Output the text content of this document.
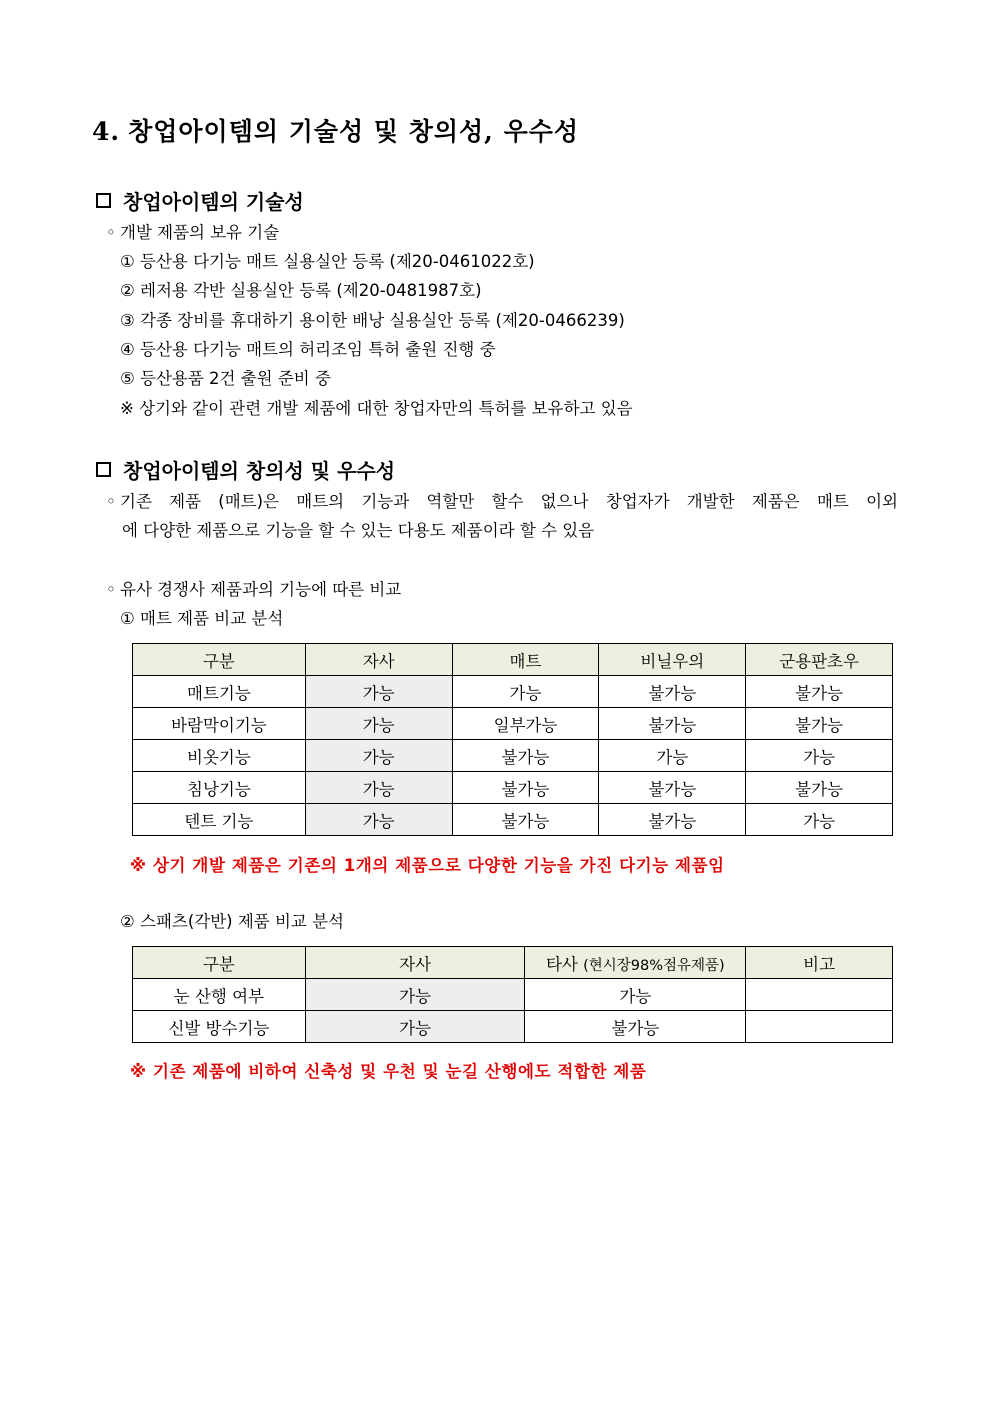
4. 창업아이템의 기술성 및 창의성, 우수성
창업아이템의 기술성
◦ 개발 제품의 보유 기술
① 등산용 다기능 매트 실용실안 등록 (제20-0461022호)
② 레저용 각반 실용실안 등록 (제20-0481987호)
③ 각종 장비를 휴대하기 용이한 배낭 실용실안 등록 (제20-0466239)
④ 등산용 다기능 매트의 허리조임 특허 출원 진행 중
⑤ 등산용품 2건 출원 준비 중
※ 상기와 같이 관련 개발 제품에 대한 창업자만의 특허를 보유하고 있음
창업아이템의 창의성 및 우수성
◦ 기존 제품 (매트)은 매트의 기능과 역할만 할수 없으나 창업자가 개발한 제품은 매트 이외
에 다양한 제품으로 기능을 할 수 있는 다용도 제품이라 할 수 있음
◦ 유사 경쟁사 제품과의 기능에 따른 비교
① 매트 제품 비교 분석
구분	자사	매트	비닐우의	군용판초우
매트기능	가능	가능	불가능	불가능
바람막이기능	가능	일부가능	불가능	불가능
비옷기능	가능	불가능	가능	가능
침낭기능	가능	불가능	불가능	불가능
텐트 기능	가능	불가능	불가능	가능
※ 상기 개발 제품은 기존의 1개의 제품으로 다양한 기능을 가진 다기능 제품임
② 스패츠(각반) 제품 비교 분석
구분	자사	타사 (현시장98%점유제품)	비고
눈 산행 여부	가능	가능	
신발 방수기능	가능	불가능	
※ 기존 제품에 비하여 신축성 및 우천 및 눈길 산행에도 적합한 제품
